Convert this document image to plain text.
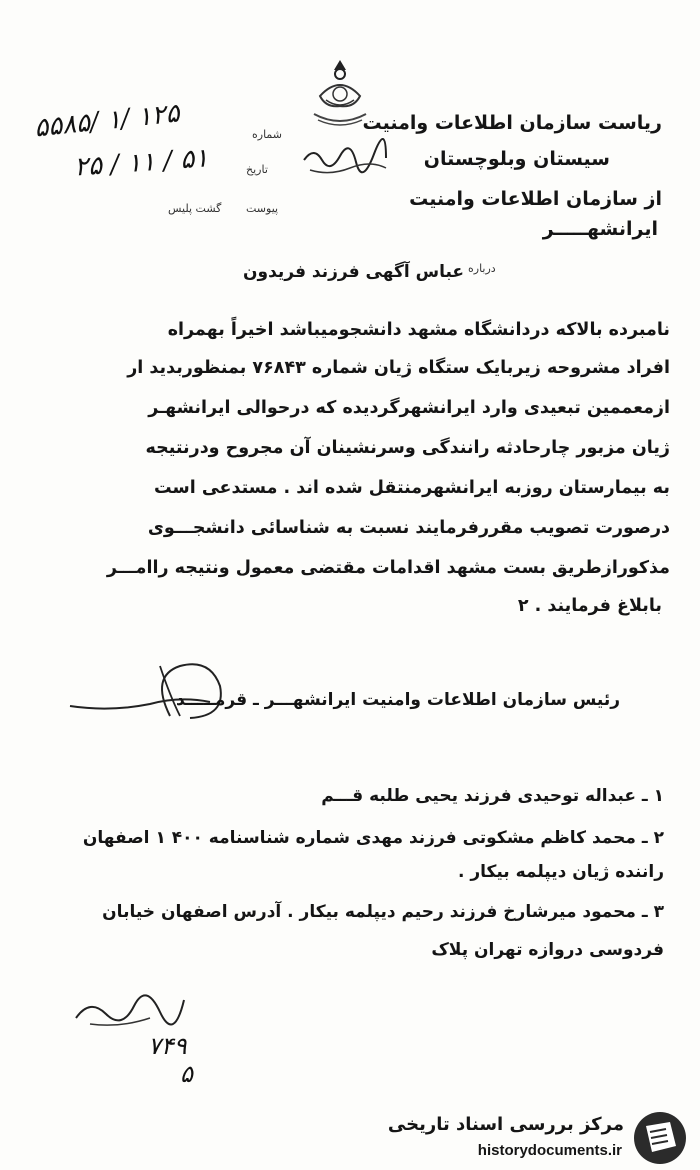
ریاست سازمان اطلاعات وامنیت
سیستان وبلوچستان
از سازمان اطلاعات وامنیت
ایرانشهـــــر
شماره
تاریخ
پیوست
گشت پلیس
۵۵۸۵/ ۱/ ۱۲۵
۲۵ / ۱۱ / ۵۱
درباره
عباس آگهی فرزند فریدون
نامبرده بالاکه دردانشگاه مشهد دانشجومیباشد اخیراً بهمراه
افراد مشروحه زیربایک ستگاه ژیان شماره ۷۶۸۴۳ بمنظوربدید ار
ازمعممین تبعیدی وارد ایرانشهرگردیده که درحوالی ایرانشهـر
ژیان مزبور چارحادثه رانندگی وسرنشینان آن مجروح ودرنتیجه
به بیمارستان روزبه ایرانشهرمنتقل شده اند . مستدعی است
درصورت تصویب مقررفرمایند نسبت به شناسائی دانشجـــوی
مذکورازطریق بست مشهد اقدامات مقتضی معمول ونتیجه راامـــر
بابلاغ فرمایند . ۲
رئیس سازمان اطلاعات وامنیت ایرانشهـــر ـ قرمـــــد
۱ ـ عبداله توحیدی فرزند یحیی طلبه قـــم
۲ ـ محمد کاظم مشکوتی فرزند مهدی شماره شناسنامه ۴۰۰ ۱ اصفهان
راننده ژیان دیپلمه بیکار .
۳ ـ محمود میرشارخ فرزند رحیم دیپلمه بیکار . آدرس اصفهان خیابان
فردوسی دروازه تهران پلاک
۷۴۹
۵
مرکز بررسی اسناد تاریخی
historydocuments.ir
